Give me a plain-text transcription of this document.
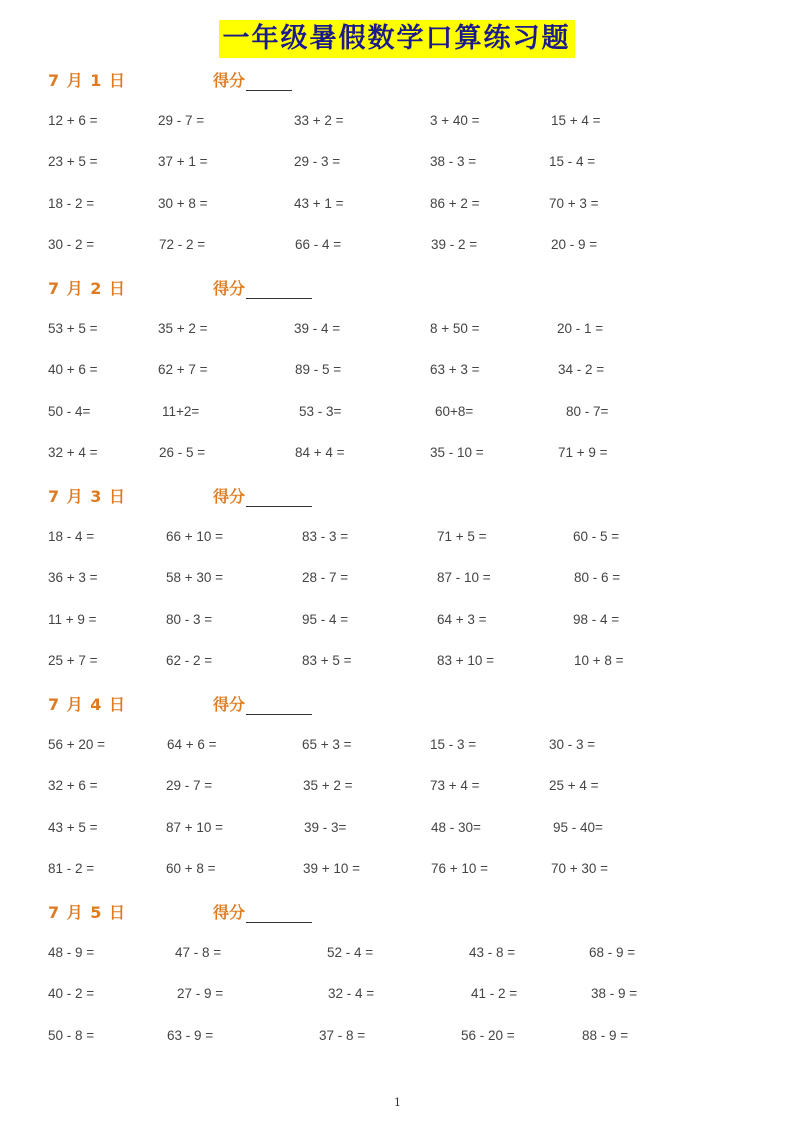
一年级暑假数学口算练习题
7 月 1 日	得分
12 + 6 =	29 - 7 =	33 + 2 =	3 + 40 =	15 + 4 =
23 + 5 =	37 + 1 =	29 - 3 =	38 - 3 =	15 - 4 =
18 - 2 =	30 + 8 =	43 + 1 =	86 + 2 =	70 + 3 =
30 - 2 =	72 - 2 =	66 - 4 =	39 - 2 =	20 - 9 =
7 月 2 日	得分
53 + 5 =	35 + 2 =	39 - 4 =	8 + 50 =	20 - 1 =
40 + 6 =	62 + 7 =	89 - 5 =	63 + 3 =	34 - 2 =
50 - 4=	11+2=	53 - 3=	60+8=	80 - 7=
32 + 4 =	26 - 5 =	84 + 4 =	35 - 10 =	71 + 9 =
7 月 3 日	得分
18 - 4 =	66 + 10 =	83 - 3 =	71 + 5 =	60 - 5 =
36 + 3 =	58 + 30 =	28 - 7 =	87 - 10 =	80 - 6 =
11 + 9 =	80 - 3 =	95 - 4 =	64 + 3 =	98 - 4 =
25 + 7 =	62 - 2 =	83 + 5 =	83 + 10 =	10 + 8 =
7 月 4 日	得分
56 + 20 =	64 + 6 =	65 + 3 =	15 - 3 =	30 - 3 =
32 + 6 =	29 - 7 =	35 + 2 =	73 + 4 =	25 + 4 =
43 + 5 =	87 + 10 =	39 - 3=	48 - 30=	95 - 40=
81 - 2 =	60 + 8 =	39 + 10 =	76 + 10 =	70 + 30 =
7 月 5 日	得分
48 - 9 =	47 - 8 =	52 - 4 =	43 - 8 =	68 - 9 =
40 - 2 =	27 - 9 =	32 - 4 =	41 - 2 =	38 - 9 =
50 - 8 =	63 - 9 =	37 - 8 =	56 - 20 =	88 - 9 =
1
